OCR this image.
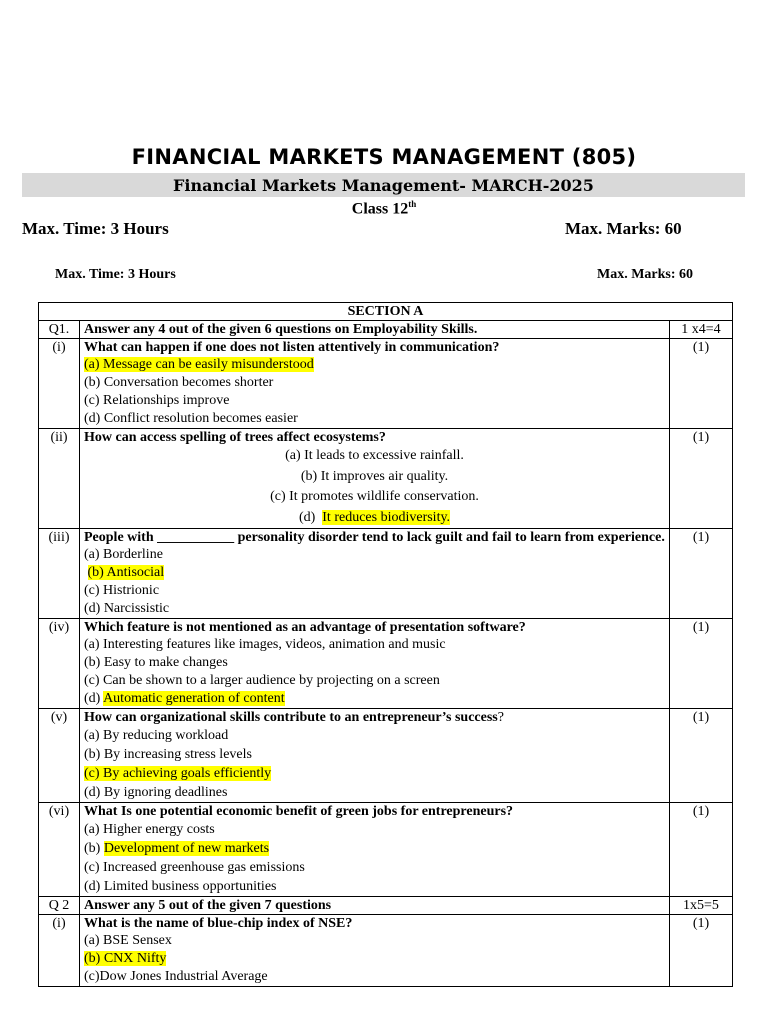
FINANCIAL MARKETS MANAGEMENT (805)
Financial Markets Management- MARCH-2025
Class 12th
Max. Time: 3 Hours	Max. Marks: 60
Max. Time: 3 Hours	Max. Marks: 60
SECTION A		
Q1.	Answer any 4 out of the given 6 questions on Employability Skills.	1 x4=4
(i)	What can happen if one does not listen attentively in communication?
(a) Message can be easily misunderstood
(b) Conversation becomes shorter
(c) Relationships improve
(d) Conflict resolution becomes easier	(1)
(ii)	How can access spelling of trees affect ecosystems?
(a) It leads to excessive rainfall.
(b) It improves air quality.
(c) It promotes wildlife conservation.
(d) It reduces biodiversity.	(1)
(iii)	People with ___________ personality disorder tend to lack guilt and fail to learn from experience.
(a) Borderline
(b) Antisocial
(c) Histrionic
(d) Narcissistic	(1)
(iv)	Which feature is not mentioned as an advantage of presentation software?
(a) Interesting features like images, videos, animation and music
(b) Easy to make changes
(c) Can be shown to a larger audience by projecting on a screen
(d) Automatic generation of content	(1)
(v)	How can organizational skills contribute to an entrepreneur’s success?
(a) By reducing workload
(b) By increasing stress levels
(c) By achieving goals efficiently
(d) By ignoring deadlines	(1)
(vi)	What Is one potential economic benefit of green jobs for entrepreneurs?
(a) Higher energy costs
(b) Development of new markets
(c) Increased greenhouse gas emissions
(d) Limited business opportunities	(1)
Q 2	Answer any 5 out of the given 7 questions	1x5=5
(i)	What is the name of blue-chip index of NSE?
(a) BSE Sensex
(b) CNX Nifty
(c)Dow Jones Industrial Average	(1)
